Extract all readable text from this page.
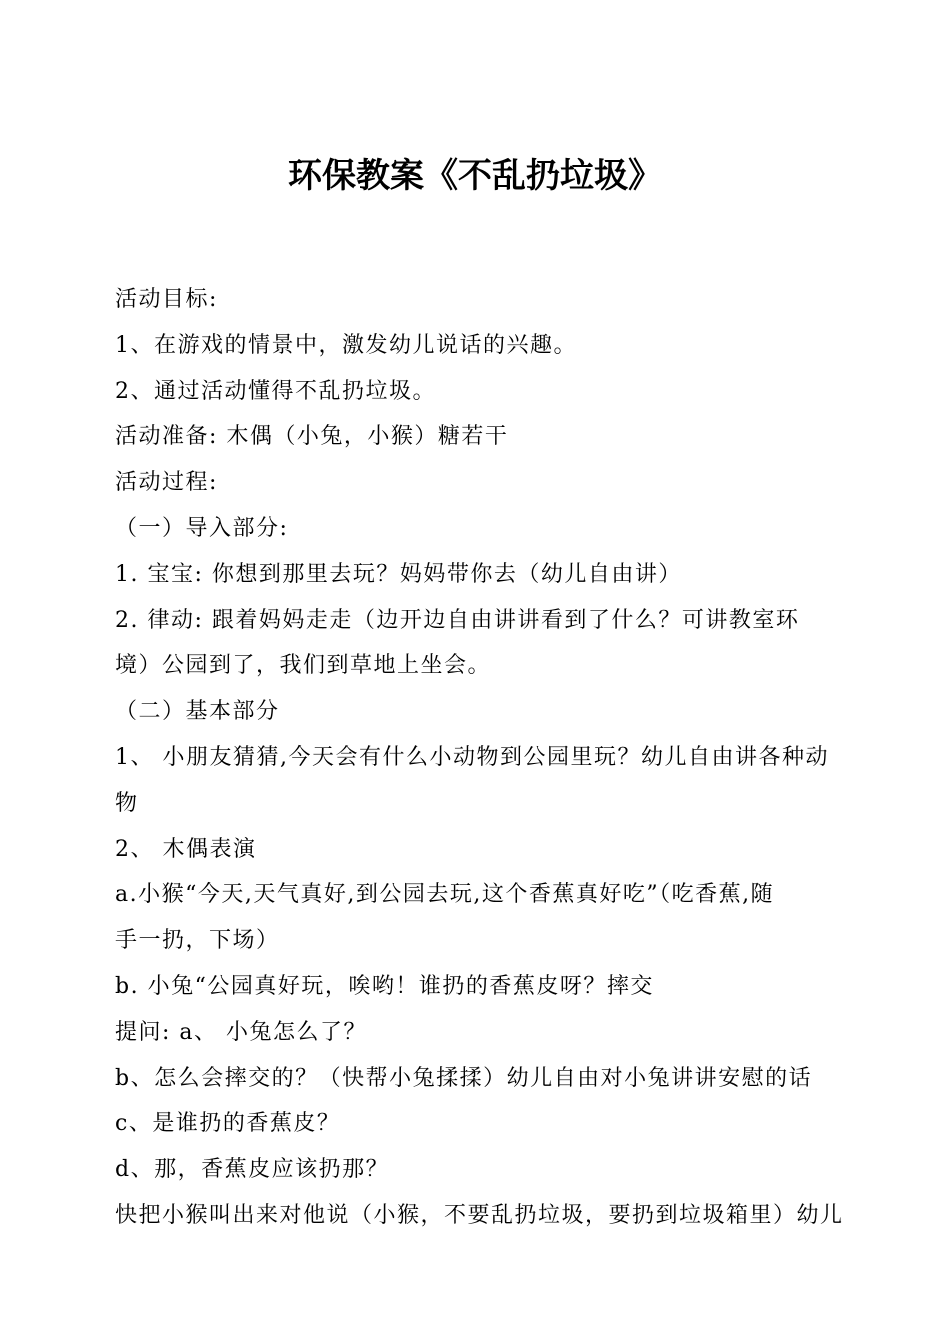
环保教案《不乱扔垃圾》

活动目标:

1、在游戏的情景中，激发幼儿说话的兴趣。

2、通过活动懂得不乱扔垃圾。

活动准备: 木偶（小兔，小猴）糖若干

活动过程:

（一）导入部分:

1. 宝宝: 你想到那里去玩？妈妈带你去（幼儿自由讲）

2. 律动: 跟着妈妈走走（边开边自由讲讲看到了什么？可讲教室环

境）公园到了，我们到草地上坐会。

（二）基本部分

1、 小朋友猜猜,今天会有什么小动物到公园里玩？幼儿自由讲各种动

物

2、 木偶表演

a.小猴“今天,天气真好,到公园去玩,这个香蕉真好吃”（吃香蕉,随

手一扔，下场）

b. 小兔“公园真好玩，唉哟！谁扔的香蕉皮呀？摔交

提问: a、 小兔怎么了？

b、怎么会摔交的？（快帮小兔揉揉）幼儿自由对小兔讲讲安慰的话

c、是谁扔的香蕉皮？

d、那，香蕉皮应该扔那？

快把小猴叫出来对他说（小猴，不要乱扔垃圾，要扔到垃圾箱里）幼儿
